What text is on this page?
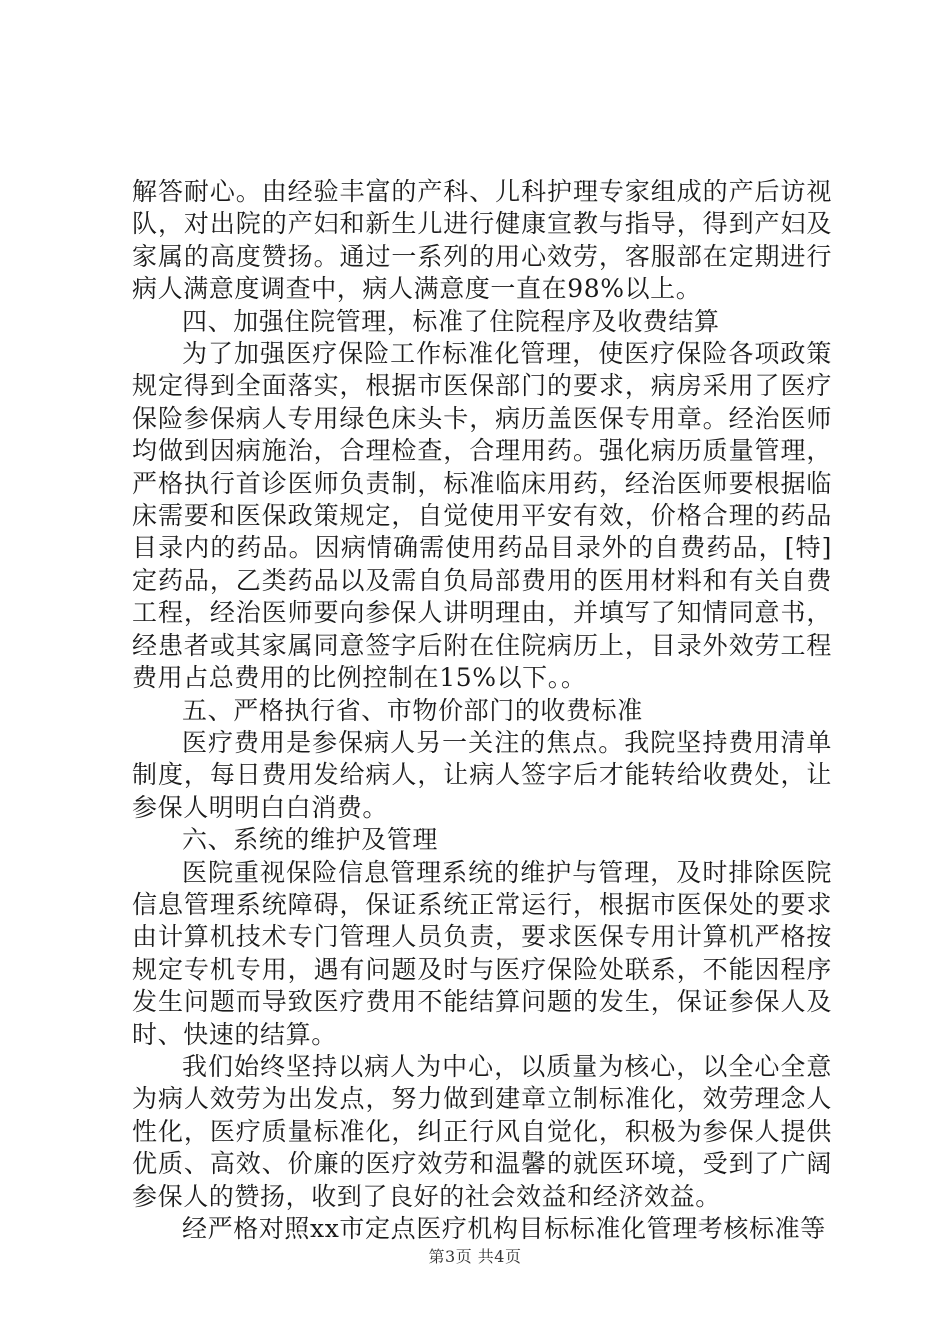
解答耐心。由经验丰富的产科、儿科护理专家组成的产后访视队，对出院的产妇和新生儿进行健康宣教与指导，得到产妇及家属的高度赞扬。通过一系列的用心效劳，客服部在定期进行病人满意度调查中，病人满意度一直在98%以上。

四、加强住院管理，标准了住院程序及收费结算

为了加强医疗保险工作标准化管理，使医疗保险各项政策规定得到全面落实，根据市医保部门的要求，病房采用了医疗保险参保病人专用绿色床头卡，病历盖医保专用章。经治医师均做到因病施治，合理检查，合理用药。强化病历质量管理，严格执行首诊医师负责制，标准临床用药，经治医师要根据临床需要和医保政策规定，自觉使用平安有效，价格合理的药品目录内的药品。因病情确需使用药品目录外的自费药品，[特]定药品，乙类药品以及需自负局部费用的医用材料和有关自费工程，经治医师要向参保人讲明理由，并填写了知情同意书，经患者或其家属同意签字后附在住院病历上，目录外效劳工程费用占总费用的比例控制在15%以下。。

五、严格执行省、市物价部门的收费标准

医疗费用是参保病人另一关注的焦点。我院坚持费用清单制度，每日费用发给病人，让病人签字后才能转给收费处，让参保人明明白白消费。

六、系统的维护及管理

医院重视保险信息管理系统的维护与管理，及时排除医院信息管理系统障碍，保证系统正常运行，根据市医保处的要求由计算机技术专门管理人员负责，要求医保专用计算机严格按规定专机专用，遇有问题及时与医疗保险处联系，不能因程序发生问题而导致医疗费用不能结算问题的发生，保证参保人及时、快速的结算。

我们始终坚持以病人为中心，以质量为核心，以全心全意为病人效劳为出发点，努力做到建章立制标准化，效劳理念人性化，医疗质量标准化，纠正行风自觉化，积极为参保人提供优质、高效、价廉的医疗效劳和温馨的就医环境，受到了广阔参保人的赞扬，收到了良好的社会效益和经济效益。

经严格对照xx市定点医疗机构目标标准化管理考核标准等

第3页 共4页
